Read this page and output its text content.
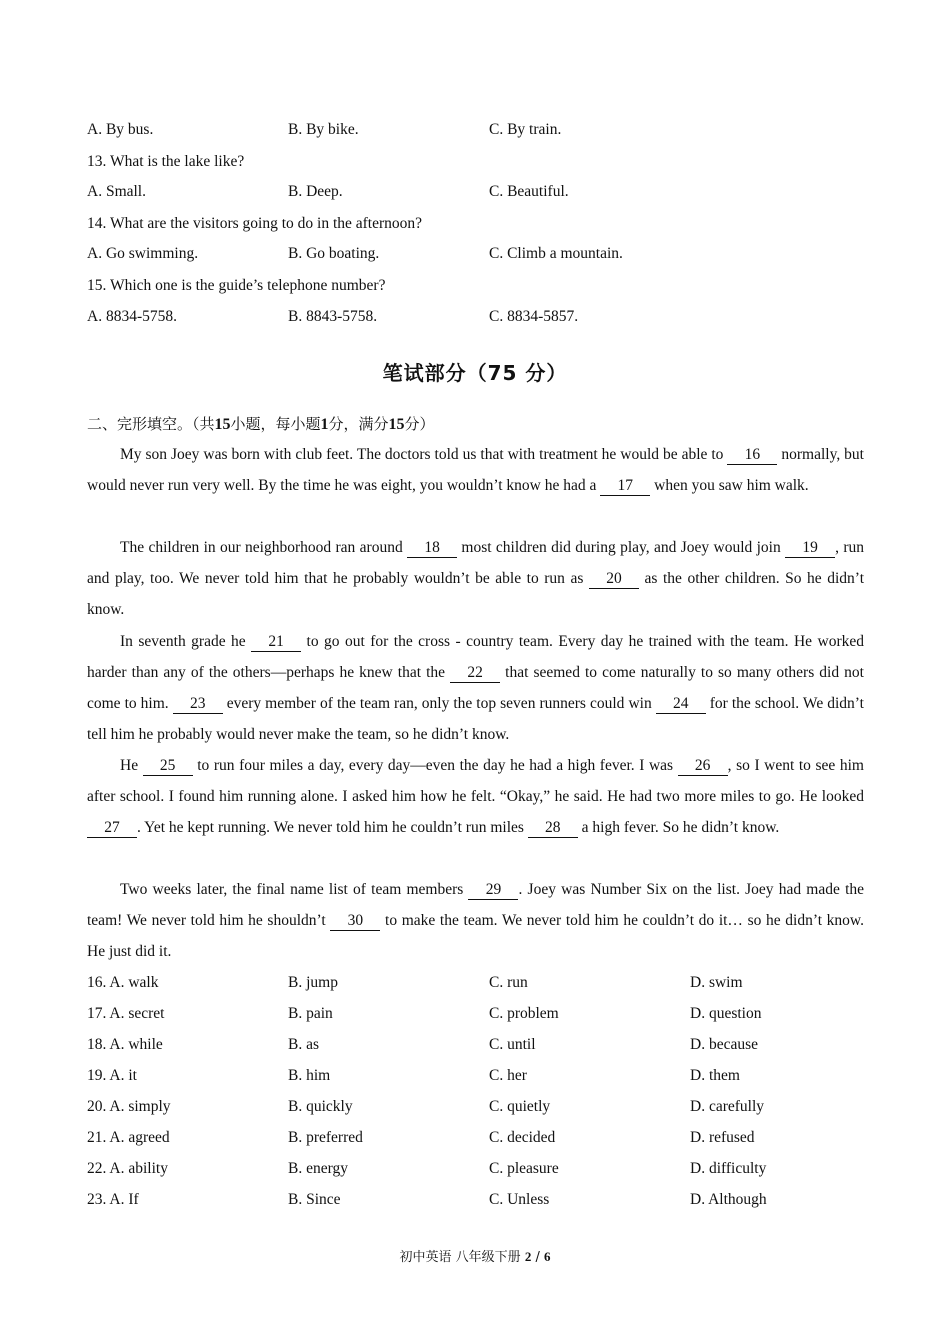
A. By bus.	B. By bike.	C. By train.
13. What is the lake like?
A. Small.	B. Deep.	C. Beautiful.
14. What are the visitors going to do in the afternoon?
A. Go swimming.	B. Go boating.	C. Climb a mountain.
15. Which one is the guide’s telephone number?
A. 8834-5758.	B. 8843-5758.	C. 8834-5857.
笔试部分（75 分）
二、完形填空。（共15小题，每小题1分，满分15分）
My son Joey was born with club feet. The doctors told us that with treatment he would be able to 16 normally, but would never run very well. By the time he was eight, you wouldn’t know he had a 17 when you saw him walk.
The children in our neighborhood ran around 18 most children did during play, and Joey would join 19 , run and play, too. We never told him that he probably wouldn’t be able to run as 20 as the other children. So he didn’t know.
In seventh grade he 21 to go out for the cross - country team. Every day he trained with the team. He worked harder than any of the others—perhaps he knew that the 22 that seemed to come naturally to so many others did not come to him. 23 every member of the team ran, only the top seven runners could win 24 for the school. We didn’t tell him he probably would never make the team, so he didn’t know.
He 25 to run four miles a day, every day—even the day he had a high fever. I was 26 , so I went to see him after school. I found him running alone. I asked him how he felt. “Okay,” he said. He had two more miles to go. He looked 27 . Yet he kept running. We never told him he couldn’t run miles 28 a high fever. So he didn’t know.
Two weeks later, the final name list of team members 29 . Joey was Number Six on the list. Joey had made the team! We never told him he shouldn’t 30 to make the team. We never told him he couldn’t do it… so he didn’t know. He just did it.
16. A. walk	B. jump	C. run	D. swim
17. A. secret	B. pain	C. problem	D. question
18. A. while	B. as	C. until	D. because
19. A. it	B. him	C. her	D. them
20. A. simply	B. quickly	C. quietly	D. carefully
21. A. agreed	B. preferred	C. decided	D. refused
22. A. ability	B. energy	C. pleasure	D. difficulty
23. A. If	B. Since	C. Unless	D. Although
初中英语 八年级下册 2 / 6
